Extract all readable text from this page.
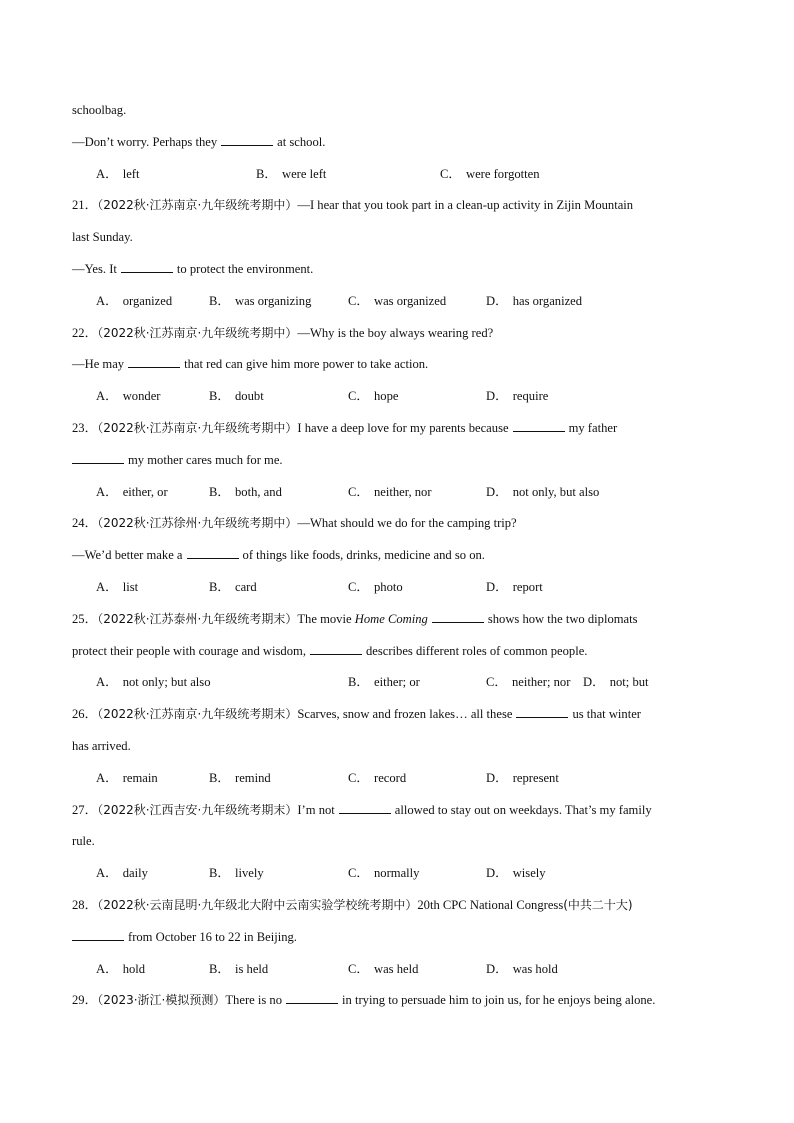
schoolbag.
—Don’t worry. Perhaps they	at school.
A． left	B． were left	C． were forgotten
21．（2022秋·江苏南京·九年级统考期中）—I hear that you took part in a clean-up activity in Zijin Mountain
last Sunday.
—Yes. It	to protect the environment.
A． organized	B． was organizing	C． was organized	D． has organized
22．（2022秋·江苏南京·九年级统考期中）—Why is the boy always wearing red?
—He may	that red can give him more power to take action.
A． wonder	B． doubt	C． hope	D． require
23．（2022秋·江苏南京·九年级统考期中）I have a deep love for my parents because	my father
my mother cares much for me.
A． either, or	B． both, and	C． neither, nor	D． not only, but also
24．（2022秋·江苏徐州·九年级统考期中）—What should we do for the camping trip?
—We’d better make a	of things like foods, drinks, medicine and so on.
A． list	B． card	C． photo	D． report
25．（2022秋·江苏泰州·九年级统考期末）The movie Home Coming	shows how the two diplomats
protect their people with courage and wisdom,	describes different roles of common people.
A． not only; but also	B． either; or	C． neither; nor D． not; but
26．（2022秋·江苏南京·九年级统考期末）Scarves, snow and frozen lakes… all these	us that winter
has arrived.
A． remain	B． remind	C． record	D． represent
27．（2022秋·江西吉安·九年级统考期末）I’m not	allowed to stay out on weekdays. That’s my family
rule.
A． daily	B． lively	C． normally	D． wisely
28．（2022秋·云南昆明·九年级北大附中云南实验学校统考期中）20th CPC National Congress(中共二十大)
from October 16 to 22 in Beijing.
A． hold	B． is held	C． was held	D． was hold
29．（2023·浙江·模拟预测）There is no	in trying to persuade him to join us, for he enjoys being alone.
